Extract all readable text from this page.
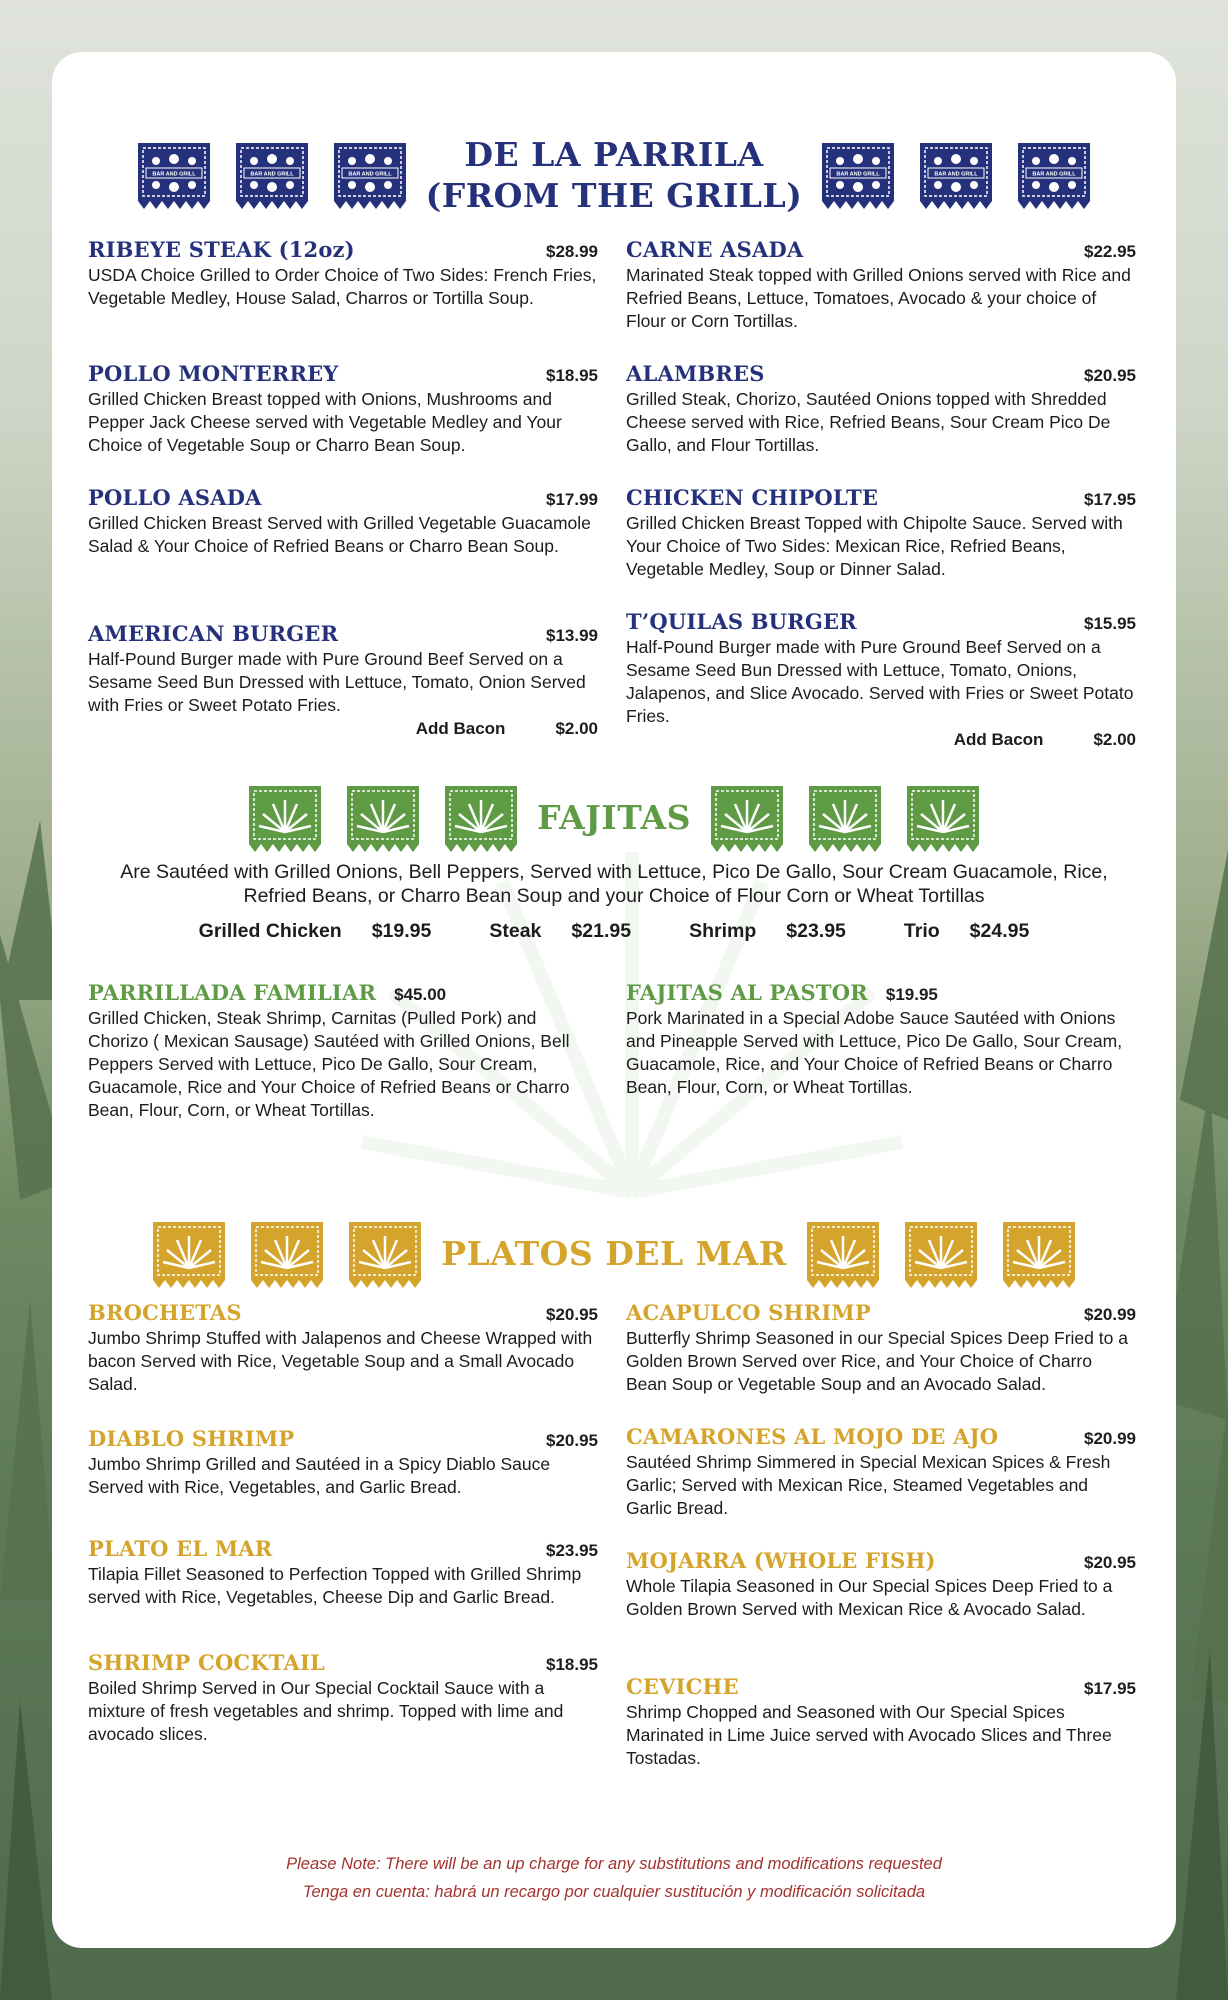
BAR AND GRILL	BAR AND GRILL	BAR AND GRILL
DE LA PARRILA
(FROM THE GRILL)
BAR AND GRILL	BAR AND GRILL	BAR AND GRILL
RIBEYE STEAK (12oz)	$28.99
USDA Choice Grilled to Order Choice of Two Sides: French Fries, Vegetable Medley, House Salad, Charros or Tortilla Soup.
POLLO MONTERREY	$18.95
Grilled Chicken Breast topped with Onions, Mushrooms and Pepper Jack Cheese served with Vegetable Medley and Your Choice of Vegetable Soup or Charro Bean Soup.
POLLO ASADA	$17.99
Grilled Chicken Breast Served with Grilled Vegetable Guacamole Salad & Your Choice of Refried Beans or Charro Bean Soup.
AMERICAN BURGER	$13.99
Half-Pound Burger made with Pure Ground Beef Served on a Sesame Seed Bun Dressed with Lettuce, Tomato, Onion Served with Fries or Sweet Potato Fries.
Add Bacon	$2.00
CARNE ASADA	$22.95
Marinated Steak topped with Grilled Onions served with Rice and Refried Beans, Lettuce, Tomatoes, Avocado & your choice of Flour or Corn Tortillas.
ALAMBRES	$20.95
Grilled Steak, Chorizo, Sautéed Onions topped with Shredded Cheese served with Rice, Refried Beans, Sour Cream Pico De Gallo, and Flour Tortillas.
CHICKEN CHIPOLTE	$17.95
Grilled Chicken Breast Topped with Chipolte Sauce. Served with Your Choice of Two Sides: Mexican Rice, Refried Beans, Vegetable Medley, Soup or Dinner Salad.
T’QUILAS BURGER	$15.95
Half-Pound Burger made with Pure Ground Beef Served on a Sesame Seed Bun Dressed with Lettuce, Tomato, Onions, Jalapenos, and Slice Avocado. Served with Fries or Sweet Potato Fries.
Add Bacon	$2.00
FAJITAS
Are Sautéed with Grilled Onions, Bell Peppers, Served with Lettuce, Pico De Gallo, Sour Cream Guacamole, Rice, Refried Beans, or Charro Bean Soup and your Choice of Flour Corn or Wheat Tortillas
Grilled Chicken $19.95	Steak $21.95	Shrimp $23.95	Trio $24.95
PARRILLADA FAMILIAR $45.00
Grilled Chicken, Steak Shrimp, Carnitas (Pulled Pork) and Chorizo ( Mexican Sausage) Sautéed with Grilled Onions, Bell Peppers Served with Lettuce, Pico De Gallo, Sour Cream, Guacamole, Rice and Your Choice of Refried Beans or Charro Bean, Flour, Corn, or Wheat Tortillas.
FAJITAS AL PASTOR $19.95
Pork Marinated in a Special Adobe Sauce Sautéed with Onions and Pineapple Served with Lettuce, Pico De Gallo, Sour Cream, Guacamole, Rice, and Your Choice of Refried Beans or Charro Bean, Flour, Corn, or Wheat Tortillas.
PLATOS DEL MAR
BROCHETAS	$20.95
Jumbo Shrimp Stuffed with Jalapenos and Cheese Wrapped with bacon Served with Rice, Vegetable Soup and a Small Avocado Salad.
DIABLO SHRIMP	$20.95
Jumbo Shrimp Grilled and Sautéed in a Spicy Diablo Sauce Served with Rice, Vegetables, and Garlic Bread.
PLATO EL MAR	$23.95
Tilapia Fillet Seasoned to Perfection Topped with Grilled Shrimp served with Rice, Vegetables, Cheese Dip and Garlic Bread.
SHRIMP COCKTAIL	$18.95
Boiled Shrimp Served in Our Special Cocktail Sauce with a mixture of fresh vegetables and shrimp. Topped with lime and avocado slices.
ACAPULCO SHRIMP	$20.99
Butterfly Shrimp Seasoned in our Special Spices Deep Fried to a Golden Brown Served over Rice, and Your Choice of Charro Bean Soup or Vegetable Soup and an Avocado Salad.
CAMARONES AL MOJO DE AJO	$20.99
Sautéed Shrimp Simmered in Special Mexican Spices & Fresh Garlic; Served with Mexican Rice, Steamed Vegetables and Garlic Bread.
MOJARRA (WHOLE FISH)	$20.95
Whole Tilapia Seasoned in Our Special Spices Deep Fried to a Golden Brown Served with Mexican Rice & Avocado Salad.
CEVICHE	$17.95
Shrimp Chopped and Seasoned with Our Special Spices Marinated in Lime Juice served with Avocado Slices and Three Tostadas.
Please Note: There will be an up charge for any substitutions and modifications requested
Tenga en cuenta: habrá un recargo por cualquier sustitución y modificación solicitada
